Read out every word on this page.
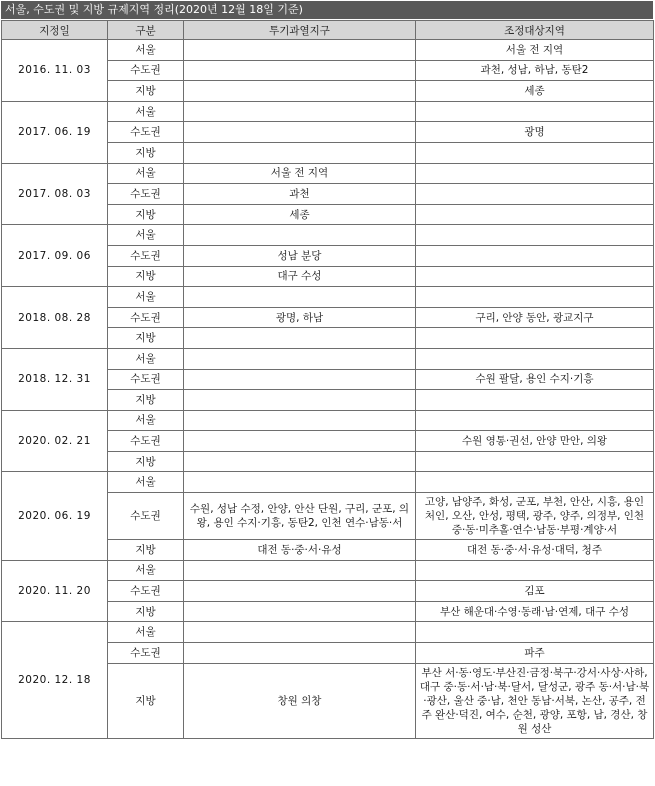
서울, 수도권 및 지방 규제지역 정리(2020년 12월 18일 기준)
지정일	구분	투기과열지구	조정대상지역
2016. 11. 03	서울		서울 전 지역
	수도권		과천, 성남, 하남, 동탄2
	지방		세종
2017. 06. 19	서울		
	수도권		광명
	지방		
2017. 08. 03	서울	서울 전 지역	
	수도권	과천	
	지방	세종	
2017. 09. 06	서울		
	수도권	성남 분당	
	지방	대구 수성	
2018. 08. 28	서울		
	수도권	광명, 하남	구리, 안양 동안, 광교지구
	지방		
2018. 12. 31	서울		
	수도권		수원 팔달, 용인 수지·기흥
	지방		
2020. 02. 21	서울		
	수도권		수원 영통·권선, 안양 만안, 의왕
	지방		
2020. 06. 19	서울		
	수도권	수원, 성남 수정, 안양, 안산 단원, 구리, 군포, 의왕, 용인 수지·기흥, 동탄2, 인천 연수·남동·서	고양, 남양주, 화성, 군포, 부천, 안산, 시흥, 용인 처인, 오산, 안성, 평택, 광주, 양주, 의정부, 인천 중·동·미추홀·연수·남동·부평·계양·서
	지방	대전 동·중·서·유성	대전 동·중·서·유성·대덕, 청주
2020. 11. 20	서울		
	수도권		김포
	지방		부산 해운대·수영·동래·남·연제, 대구 수성
2020. 12. 18	서울		
	수도권		파주
	지방	창원 의창	부산 서·동·영도·부산진·금정·북구·강서·사상·사하, 대구 중·동·서·남·북·달서, 달성군, 광주 동·서·남·북·광산, 울산 중·남, 천안 동남·서북, 논산, 공주, 전주 완산·덕진, 여수, 순천, 광양, 포항, 남, 경산, 창원 성산
